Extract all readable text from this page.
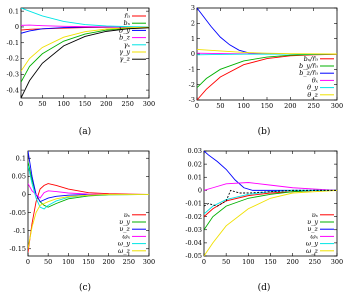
0 50 100 150 200 250 300
0.1
0
-0.1
-0.2
-0.3
-0.4
r̄₀
bₓ
b_y
b_z
γₓ
γ_y
γ_z
(a)
0	50 100 150 200 250 300
3
2
1
0
-1
-2
-3
bₓ/r̄₀
b_y/r̄₀
b_z/r̄₀
θₓ
θ_y
θ_z
(b)
0 50 100 150 200 250 300
0.1
0.05
0
-0.05
-0.1
-0.15
υₓ
υ_y
υ_z
ωₓ
ω_y
ω_z
(c)
0 50 100 150 200 250 300
0.03
0.02
0.01
0
-0.01
-0.02
-0.03
-0.04
-0.05
υₓ
υ_y
υ_z
ωₓ
ω_y
ω_z
(d)
